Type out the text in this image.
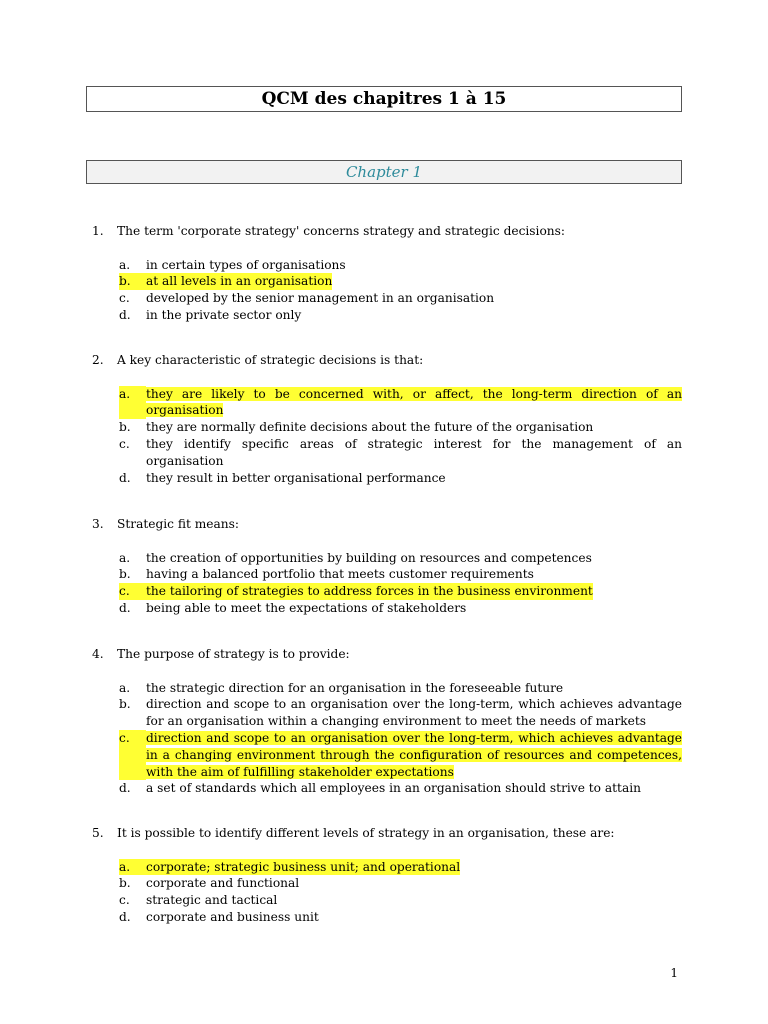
QCM des chapitres 1 à 15
Chapter 1
1.	The term 'corporate strategy' concerns strategy and strategic decisions:
a.	in certain types of organisations
b.	at all levels in an organisation
c.	developed by the senior management in an organisation
d.	in the private sector only
2.	A key characteristic of strategic decisions is that:
a.	they are likely to be concerned with, or affect, the long-term direction of an organisation
b.	they are normally definite decisions about the future of the organisation
c.	they identify specific areas of strategic interest for the management of an organisation
d.	they result in better organisational performance
3.	Strategic fit means:
a.	the creation of opportunities by building on resources and competences
b.	having a balanced portfolio that meets customer requirements
c.	the tailoring of strategies to address forces in the business environment
d.	being able to meet the expectations of stakeholders
4.	The purpose of strategy is to provide:
a.	the strategic direction for an organisation in the foreseeable future
b.	direction and scope to an organisation over the long-term, which achieves advantage for an organisation within a changing environment to meet the needs of markets
c.	direction and scope to an organisation over the long-term, which achieves advantage in a changing environment through the configuration of resources and competences, with the aim of fulfilling stakeholder expectations
d.	a set of standards which all employees in an organisation should strive to attain
5.	It is possible to identify different levels of strategy in an organisation, these are:
a.	corporate; strategic business unit; and operational
b.	corporate and functional
c.	strategic and tactical
d.	corporate and business unit
1
